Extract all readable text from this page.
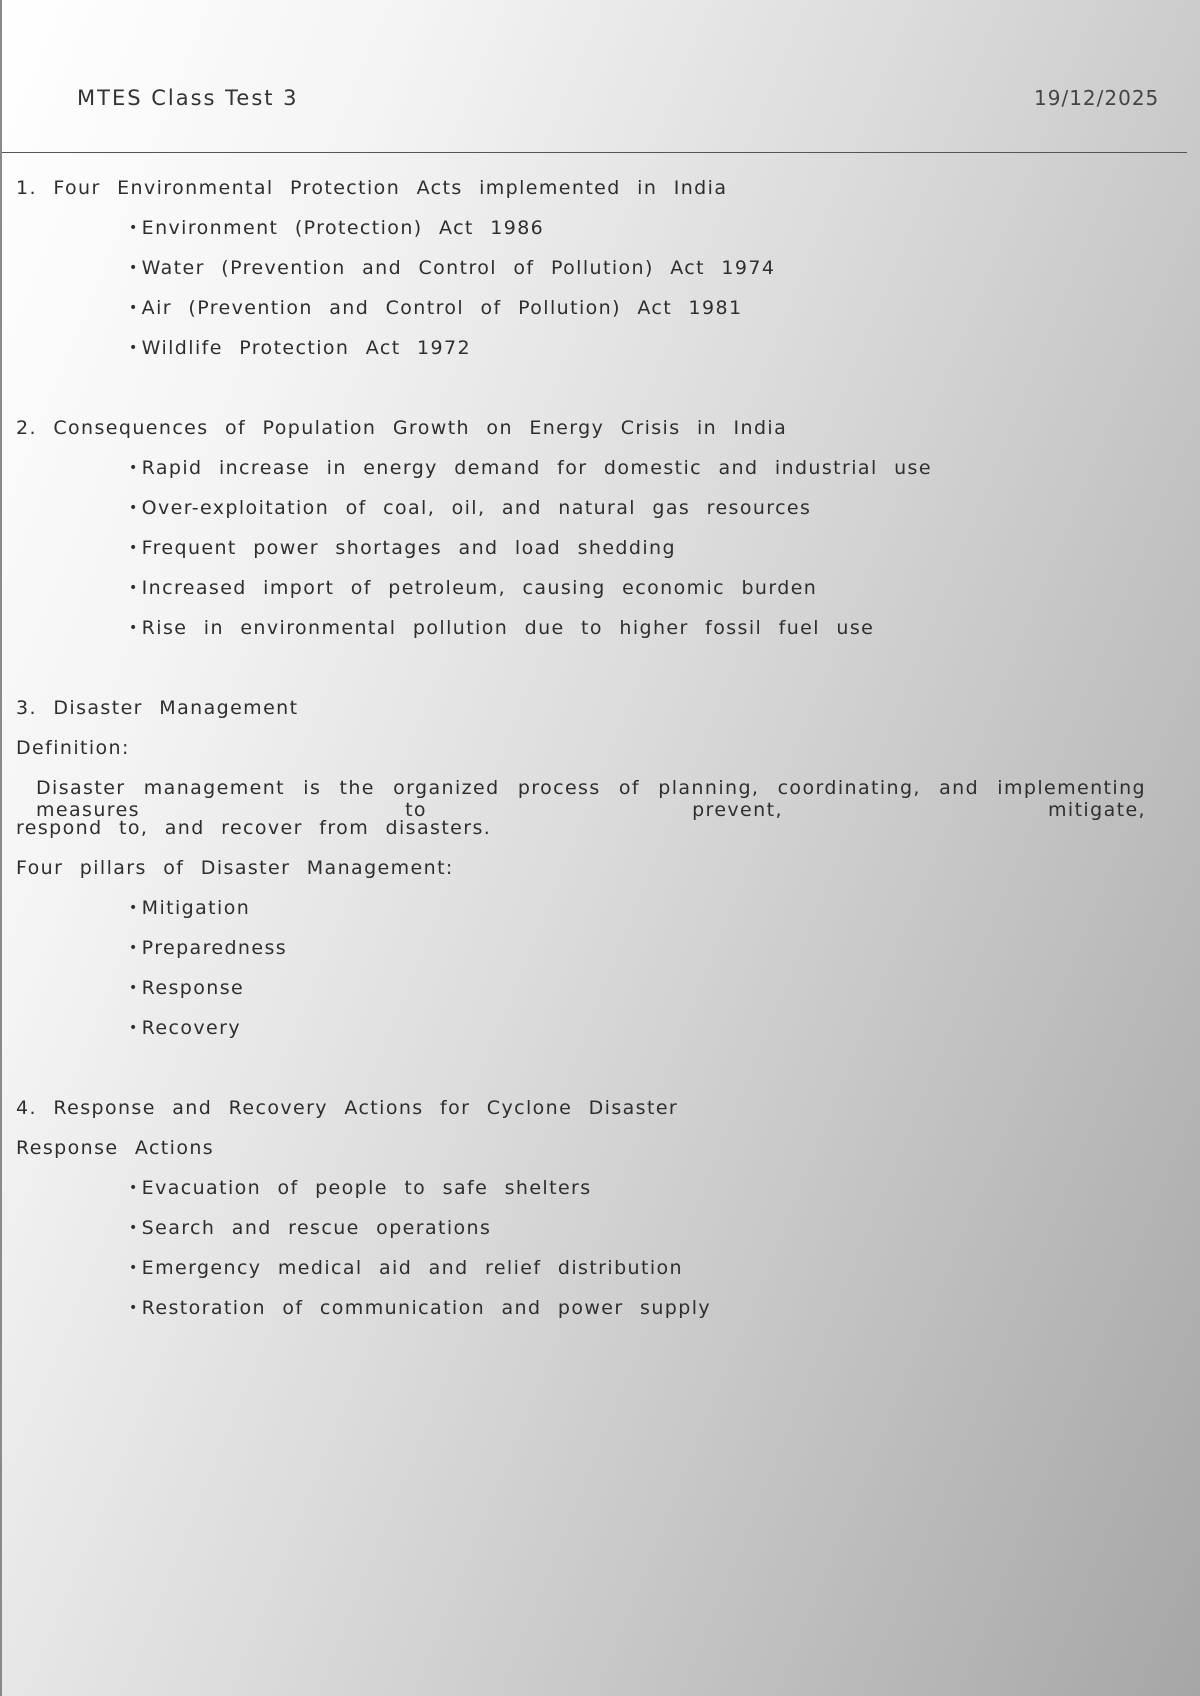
MTES Class Test 3	19/12/2025
1. Four Environmental Protection Acts implemented in India
• Environment (Protection) Act 1986
• Water (Prevention and Control of Pollution) Act 1974
• Air (Prevention and Control of Pollution) Act 1981
• Wildlife Protection Act 1972
2. Consequences of Population Growth on Energy Crisis in India
• Rapid increase in energy demand for domestic and industrial use
• Over-exploitation of coal, oil, and natural gas resources
• Frequent power shortages and load shedding
• Increased import of petroleum, causing economic burden
• Rise in environmental pollution due to higher fossil fuel use
3. Disaster Management
Definition:
Disaster management is the organized process of planning, coordinating, and implementing measures to prevent, mitigate,
respond to, and recover from disasters.
Four pillars of Disaster Management:
• Mitigation
• Preparedness
• Response
• Recovery
4. Response and Recovery Actions for Cyclone Disaster
Response Actions
• Evacuation of people to safe shelters
• Search and rescue operations
• Emergency medical aid and relief distribution
• Restoration of communication and power supply
